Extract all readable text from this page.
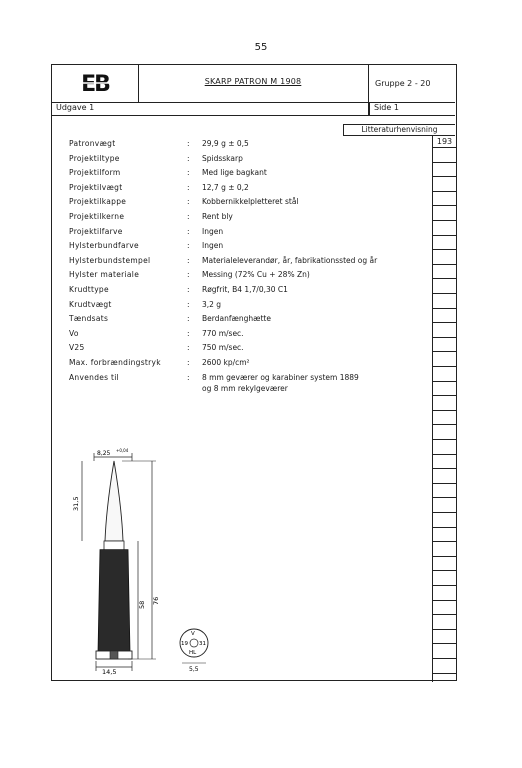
55
EB	SKARP PATRON M 1908	Gruppe 2 - 20
Udgave 1	Side 1
Litteraturhenvisning
193
Patronvægt	: 29,9 g ± 0,5
Projektiltype	: Spidsskarp
Projektilform	: Med lige bagkant
Projektilvægt	: 12,7 g ± 0,2
Projektilkappe	: Kobbernikkelpletteret stål
Projektilkerne	: Rent bly
Projektilfarve	: Ingen
Hylsterbundfarve	: Ingen
Hylsterbundstempel	: Materialeleverandør, år, fabrikationssted og år
Hylster materiale	: Messing (72% Cu + 28% Zn)
Krudttype	: Røgfrit, B4 1,7/0,30 C1
Krudtvægt	: 3,2 g
Tændsats	: Berdanfænghætte
Vo	: 770 m/sec.
V25	: 750 m/sec.
Max. forbrændingstryk	: 2600 kp/cm²
Anvendes til	: 8 mm geværer og karabiner system 1889
og 8 mm rekylgeværer
8,25 +0,04
31,5
58 76
14,5
V
19 31
HL
5,5
